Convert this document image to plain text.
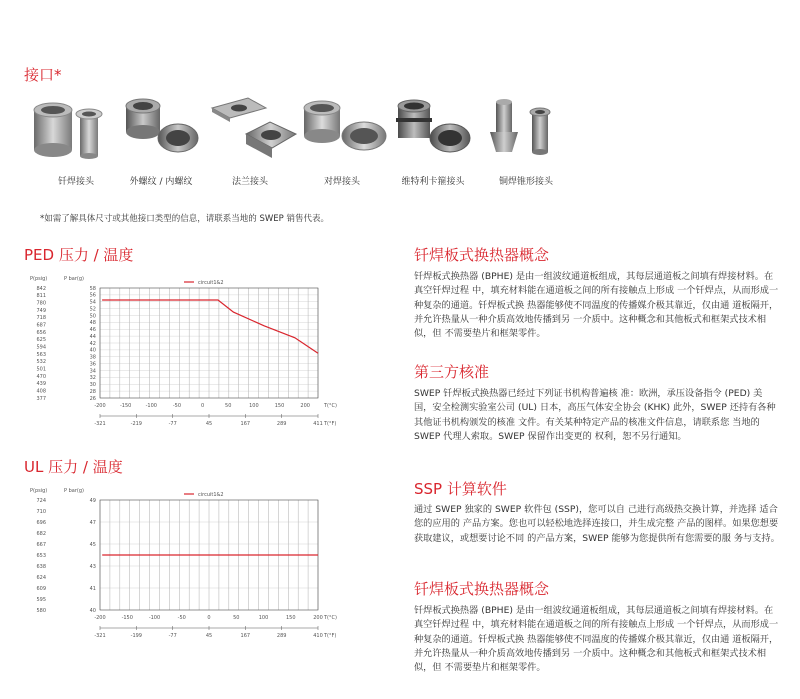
接口*
钎焊接头	外螺纹 / 内螺纹	法兰接头	对焊接头	维特利卡箍接头	铜焊锥形接头
*如需了解具体尺寸或其他接口类型的信息，请联系当地的 SWEP 销售代表。
PED 压力 / 温度
P(psig)	P bar(g)
circuit1&2
58
56
54
52
50
48
46
44
42
40
38
36
34
32
30
28
26
842
811
780
749
718
687
656
625
594
563
532
501
470
439
408
377
-200	-150	-100	-50	0	50	100	150	200	T(°C)
-321	-219	-77	45	167	289	411 T(°F)
UL 压力 / 温度
P(psig)	P bar(g)
circuit1&2
49
47
45
43
41
40
724
710
696
682
667
653
638
624
609
595
580
-200	-150	-100	-50	0	50	100	150	200 T(°C)
-321	-199	-77	45	167	289	410 T(°F)
钎焊板式换热器概念
钎焊板式换热器 (BPHE) 是由一组波纹通道板组成，其每层通道板之间填有焊接材料。在真空钎焊过程 中，填充材料能在通道板之间的所有接触点上形成 一个钎焊点，从而形成一种复杂的通道。钎焊板式换 热器能够使不同温度的传播媒介极其靠近，仅由通 道板隔开，并允许热量从一种介质高效地传播到另 一介质中。这种概念和其他板式和框架式技术相似，但 不需要垫片和框架零件。
第三方核准
SWEP 钎焊板式换热器已经过下列证书机构普遍核 准：欧洲，承压设备指令 (PED) 美国，安全检测实验室公司 (UL) 日本，高压气体安全协会 (KHK) 此外，SWEP 还持有各种其他证书机构颁发的核准 文件。有关某种特定产品的核准文件信息，请联系您 当地的 SWEP 代理人索取。SWEP 保留作出变更的 权利，恕不另行通知。
SSP 计算软件
通过 SWEP 独家的 SWEP 软件包 (SSP)，您可以自 己进行高级热交换计算，并选择 适合您的应用的 产品方案。您也可以轻松地选择连接口，并生成完整 产品的图样。如果您想要获取建议，或想要讨论不同 的产品方案，SWEP 能够为您提供所有您需要的服 务与支持。
钎焊板式换热器概念
钎焊板式换热器 (BPHE) 是由一组波纹通道板组成，其每层通道板之间填有焊接材料。在真空钎焊过程 中，填充材料能在通道板之间的所有接触点上形成 一个钎焊点，从而形成一种复杂的通道。钎焊板式换 热器能够使不同温度的传播媒介极其靠近，仅由通 道板隔开，并允许热量从一种介质高效地传播到另 一介质中。这种概念和其他板式和框架式技术相似，但 不需要垫片和框架零件。
